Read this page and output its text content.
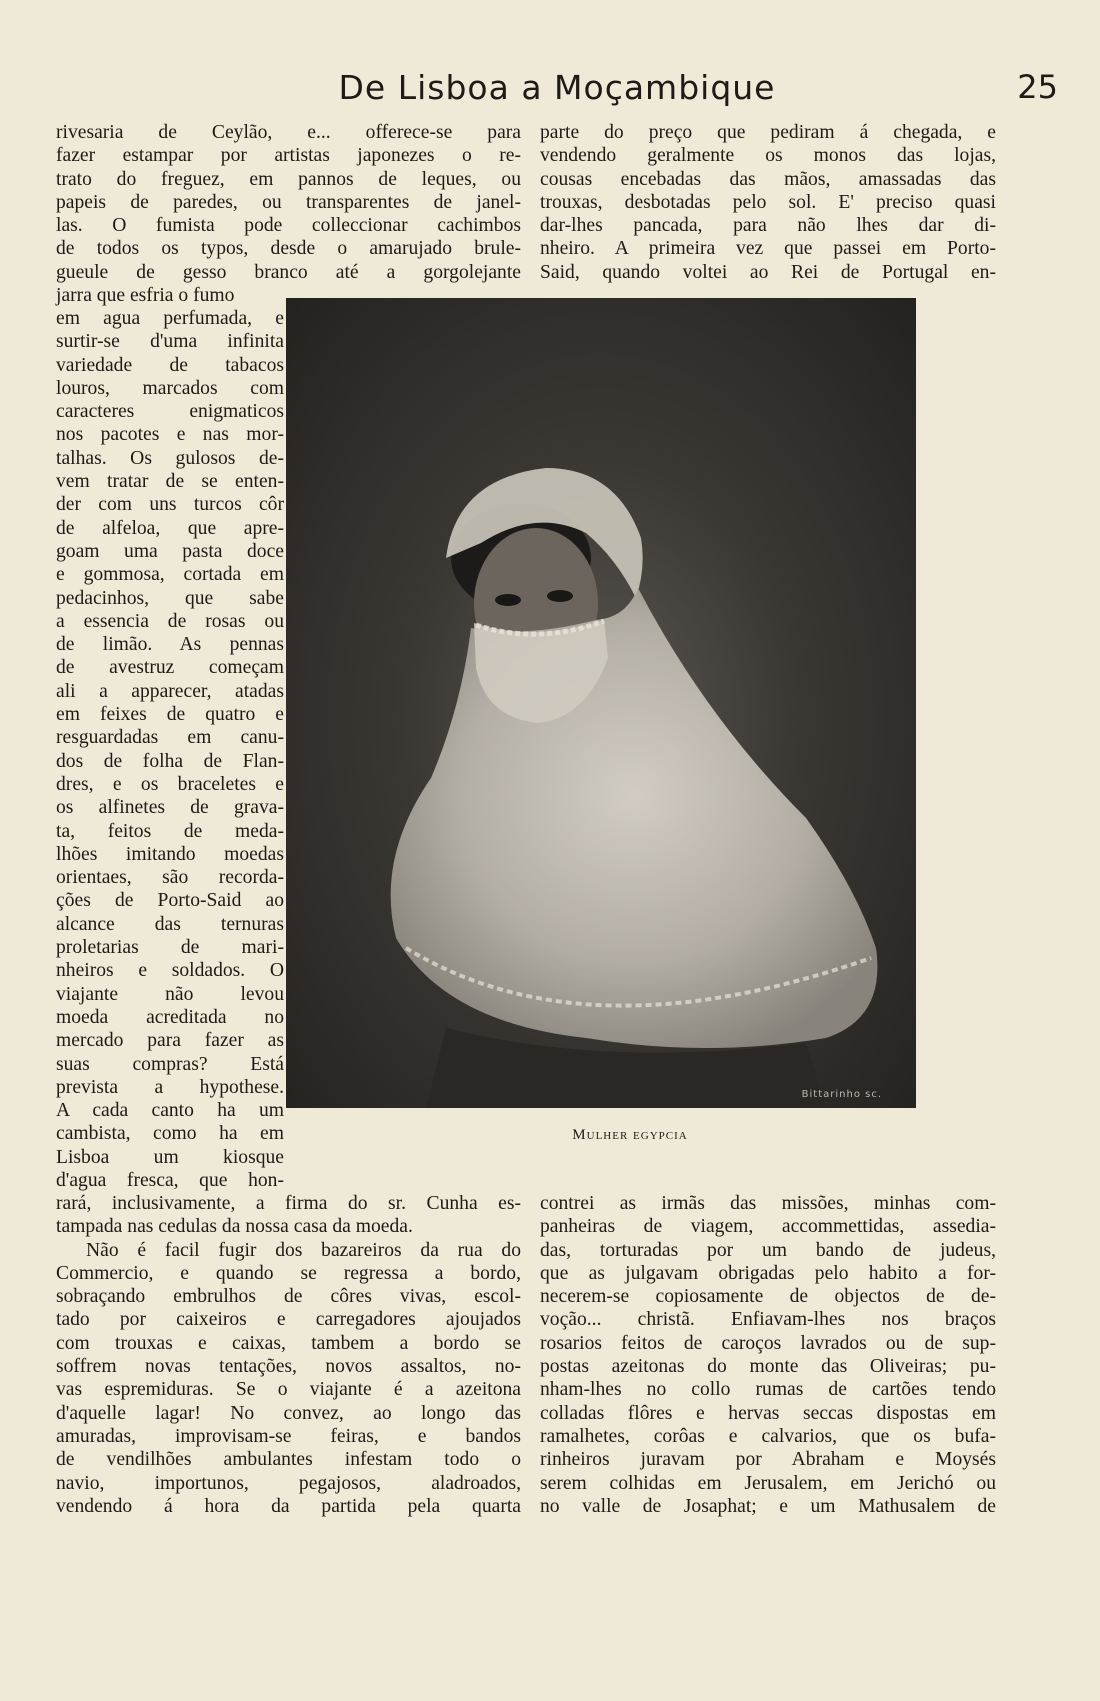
De Lisboa a Moçambique	25
rivesaria de Ceylão, e... offerece-se para
fazer estampar por artistas japonezes o re-
trato do freguez, em pannos de leques, ou
papeis de paredes, ou transparentes de janel-
las. O fumista pode colleccionar cachimbos
de todos os typos, desde o amarujado brule-
gueule de gesso branco até a gorgolejante
jarra que esfria o fumo
parte do preço que pediram á chegada, e
vendendo geralmente os monos das lojas,
cousas encebadas das mãos, amassadas das
trouxas, desbotadas pelo sol. E' preciso quasi
dar-lhes pancada, para não lhes dar di-
nheiro. A primeira vez que passei em Porto-
Said, quando voltei ao Rei de Portugal en-
em agua perfumada, e
surtir-se d'uma infinita
variedade de tabacos
louros, marcados com
caracteres enigmaticos
nos pacotes e nas mor-
talhas. Os gulosos de-
vem tratar de se enten-
der com uns turcos côr
de alfeloa, que apre-
goam uma pasta doce
e gommosa, cortada em
pedacinhos, que sabe
a essencia de rosas ou
de limão. As pennas
de avestruz começam
ali a apparecer, atadas
em feixes de quatro e
resguardadas em canu-
dos de folha de Flan-
dres, e os braceletes e
os alfinetes de grava-
ta, feitos de meda-
lhões imitando moedas
orientaes, são recorda-
ções de Porto-Said ao
alcance das ternuras
proletarias de mari-
nheiros e soldados. O
viajante não levou
moeda acreditada no
mercado para fazer as
suas compras? Está
prevista a hypothese.
A cada canto ha um
cambista, como ha em
Lisboa um kiosque
d'agua fresca, que hon-
rará, inclusivamente, a firma do sr. Cunha es-
tampada nas cedulas da nossa casa da moeda.
Não é facil fugir dos bazareiros da rua do
Commercio, e quando se regressa a bordo,
sobraçando embrulhos de côres vivas, escol-
tado por caixeiros e carregadores ajoujados
com trouxas e caixas, tambem a bordo se
soffrem novas tentações, novos assaltos, no-
vas espremiduras. Se o viajante é a azeitona
d'aquelle lagar! No convez, ao longo das
amuradas, improvisam-se feiras, e bandos
de vendilhões ambulantes infestam todo o
navio, importunos, pegajosos, aladroados,
vendendo á hora da partida pela quarta
contrei as irmãs das missões, minhas com-
panheiras de viagem, accommettidas, assedia-
das, torturadas por um bando de judeus,
que as julgavam obrigadas pelo habito a for-
necerem-se copiosamente de objectos de de-
voção... christã. Enfiavam-lhes nos braços
rosarios feitos de caroços lavrados ou de sup-
postas azeitonas do monte das Oliveiras; pu-
nham-lhes no collo rumas de cartões tendo
colladas flôres e hervas seccas dispostas em
ramalhetes, corôas e calvarios, que os bufa-
rinheiros juravam por Abraham e Moysés
serem colhidas em Jerusalem, em Jerichó ou
no valle de Josaphat; e um Mathusalem de
Bittarinho sc.
Mulher egypcia
